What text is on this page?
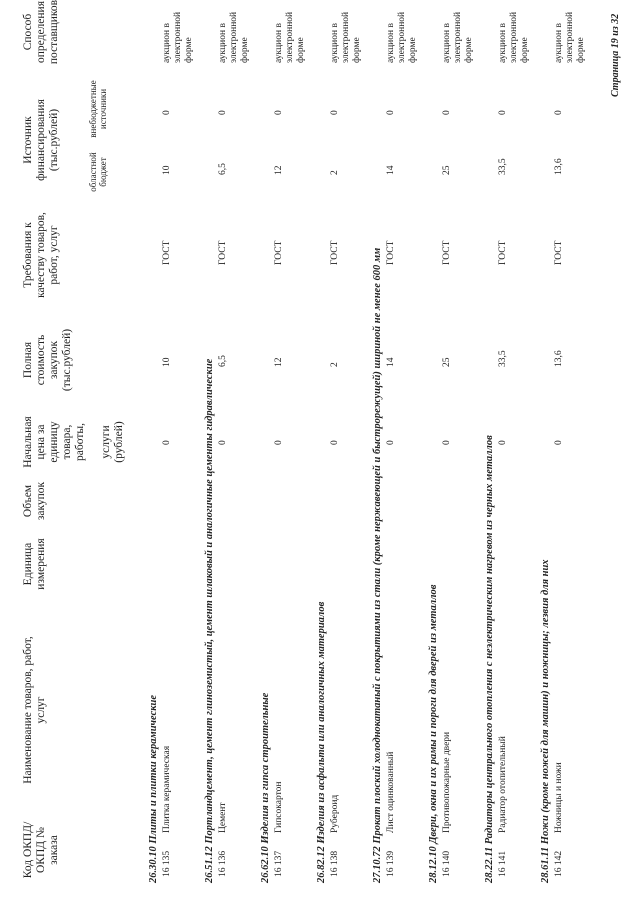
Код ОКПД/ ОКПД № заказа
Наименование товаров, работ, услуг
Единица измерения
Объем закупок
Начальная цена за единицу товара, работы, услуги (рублей)
Полная стоимость закупок (тыс.рублей)
Требования к качеству товаров, работ, услуг
Источник финансирования (тыс.рублей)
областной бюджет
внебюджетные источники
Способ определения поставщиков
26.30.10 Плиты и плитки керамические
16 135
Плитка керамическая
0
10
ГОСТ
10
0
аукцион в электронной форме
26.51.12 Портландцемент, цемент глиноземистый, цемент шлаковый и аналогичные цементы гидравлические
16 136
Цемент
0
6,5
ГОСТ
6,5
0
аукцион в электронной форме
26.62.10 Изделия из гипса строительные
16 137
Гипсокартон
0
12
ГОСТ
12
0
аукцион в электронной форме
26.82.12 Изделия из асфальта или аналогичных материалов
16 138
Рубероид
0
2
ГОСТ
2
0
аукцион в электронной форме
27.10.72 Прокат плоский холоднокатаный с покрытиями из стали (кроме нержавеющей и быстрорежущей) шириной не менее 600 мм
16 139
Лист оцинкованный
0
14
ГОСТ
14
0
аукцион в электронной форме
28.12.10 Двери, окна и их рамы и пороги для дверей из металлов
16 140
Противопожарные двери
0
25
ГОСТ
25
0
аукцион в электронной форме
28.22.11 Радиаторы центрального отопления с неэлектрическим нагревом из черных металлов
16 141
Радиатор отопительный
0
33,5
ГОСТ
33,5
0
аукцион в электронной форме
28.61.11 Ножи (кроме ножей для машин) и ножницы; лезвия для них
16 142
Ножницы и ножи
0
13,6
ГОСТ
13,6
0
аукцион в электронной форме Страница 19 из 32
